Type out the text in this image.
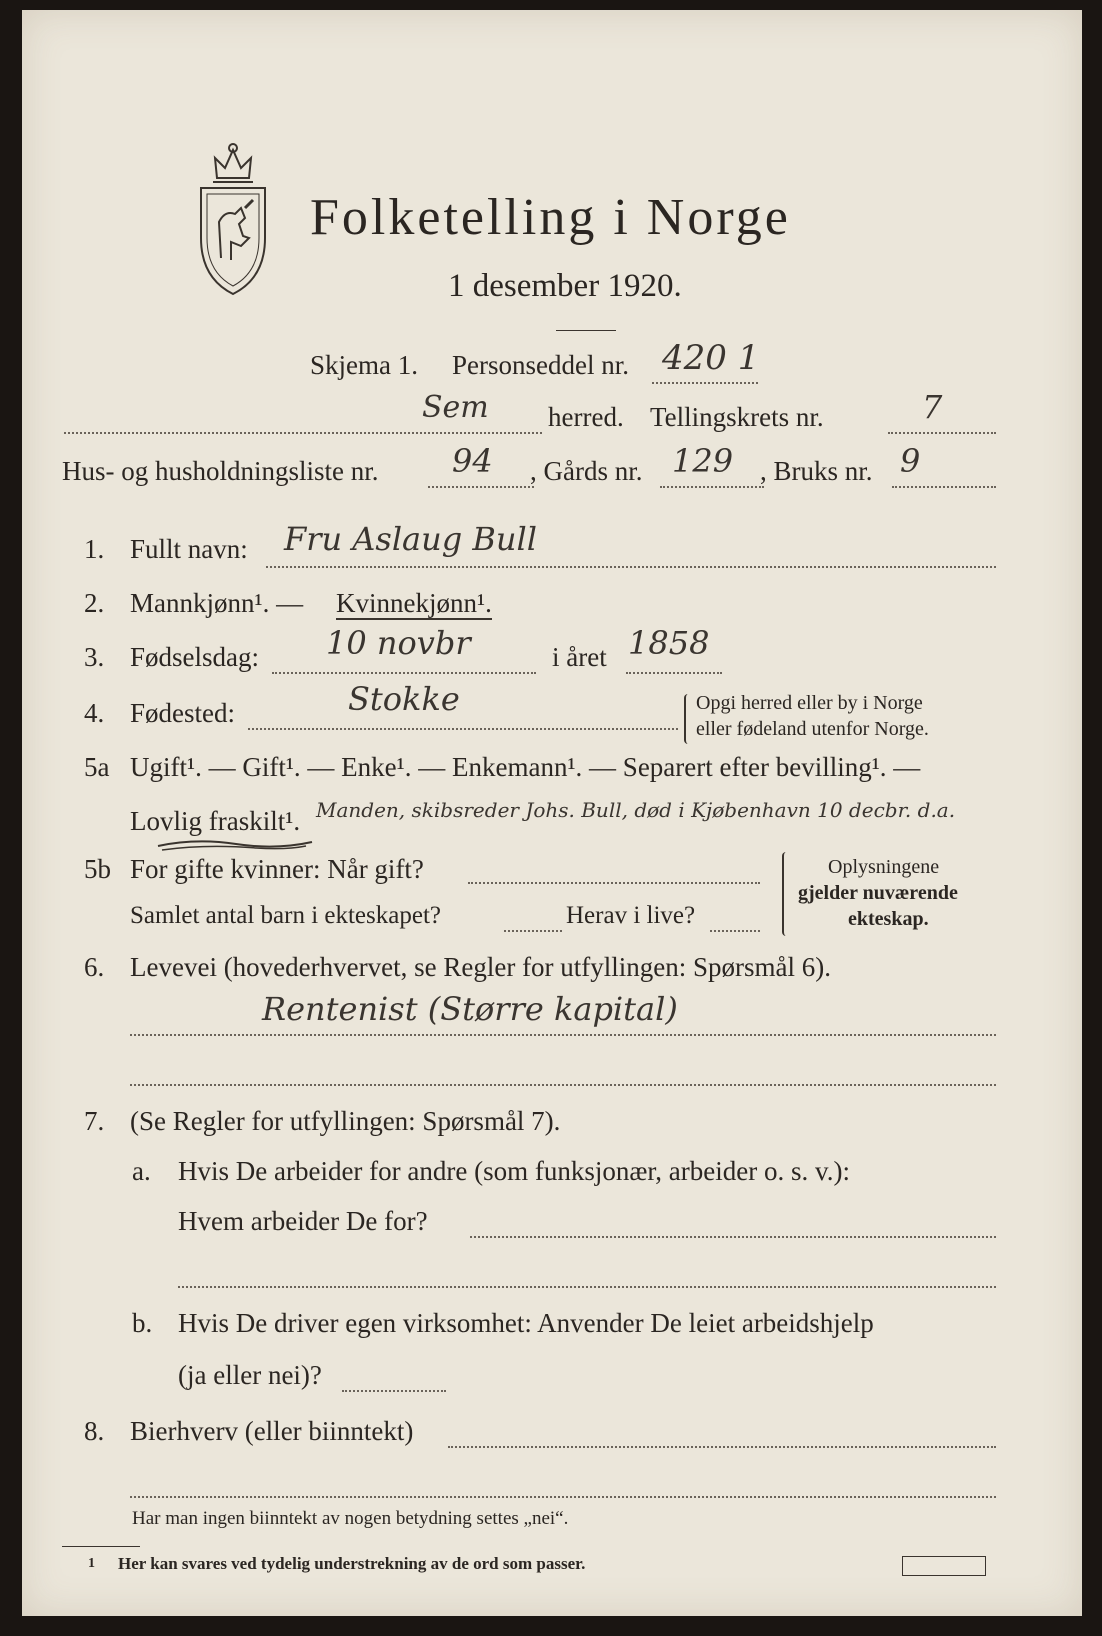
Folketelling i Norge
1 desember 1920.
Skjema 1. Personseddel nr. 420 1
Sem herred. Tellingskrets nr.	7
Hus- og husholdningsliste nr. 94 , Gårds nr. 129 , Bruks nr. 9
1. Fullt navn: Fru Aslaug Bull
2. Mannkjønn¹. — Kvinnekjønn¹.
3. Fødselsdag: 10 novbr	i året 1858
4. Fødested:	Stokke	Opgi herred eller by i Norge
eller fødeland utenfor Norge.
5a Ugift¹. — Gift¹. — Enke¹. — Enkemann¹. — Separert efter bevilling¹. —
Lovlig fraskilt¹. Manden, skibsreder Johs. Bull, død i Kjøbenhavn 10 decbr. d.a.
5b For gifte kvinner: Når gift?
Samlet antal barn i ekteskapet?	Herav i live?
Oplysningene
gjelder nuværende
ekteskap.
6. Levevei (hovederhvervet, se Regler for utfyllingen: Spørsmål 6).
Rentenist (Større kapital)
7. (Se Regler for utfyllingen: Spørsmål 7).
a. Hvis De arbeider for andre (som funksjonær, arbeider o. s. v.):
Hvem arbeider De for?
b. Hvis De driver egen virksomhet: Anvender De leiet arbeidshjelp
(ja eller nei)?
8. Bierhverv (eller biinntekt)
Har man ingen biinntekt av nogen betydning settes „nei“.
1 Her kan svares ved tydelig understrekning av de ord som passer.
